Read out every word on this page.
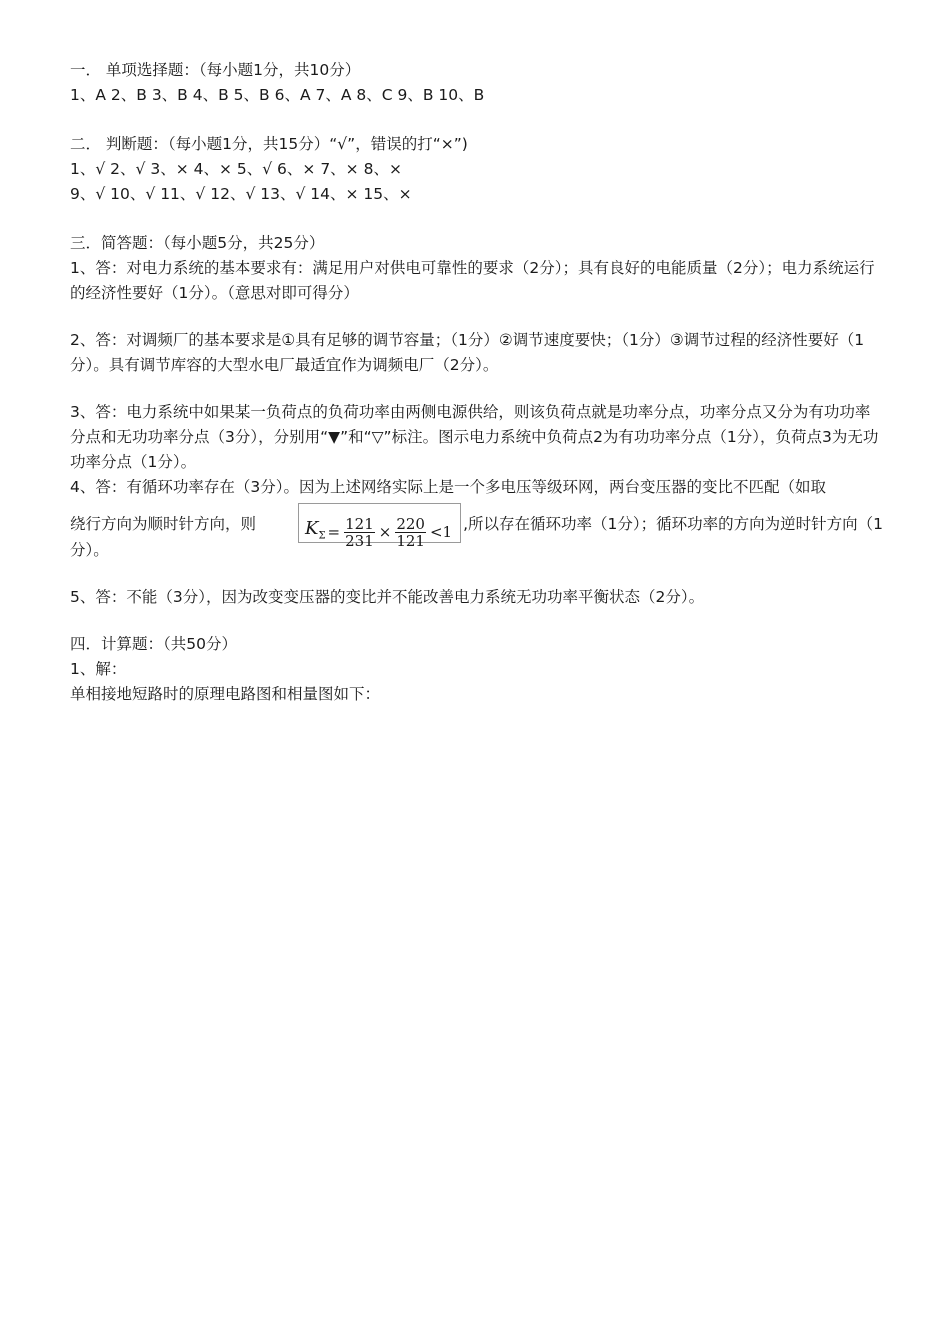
一． 单项选择题：（每小题1分，共10分）
1、A 2、B 3、B 4、B 5、B 6、A 7、A 8、C 9、B 10、B
二． 判断题：（每小题1分，共15分）“√”，错误的打“×”)
1、√ 2、√ 3、× 4、× 5、√ 6、× 7、× 8、×
9、√ 10、√ 11、√ 12、√ 13、√ 14、× 15、×
三．简答题：（每小题5分，共25分）
1、答：对电力系统的基本要求有：满足用户对供电可靠性的要求（2分）；具有良好的电能质量（2分）；电力系统运行的经济性要好（1分）。（意思对即可得分）
2、答：对调频厂的基本要求是①具有足够的调节容量；（1分）②调节速度要快；（1分）③调节过程的经济性要好（1分）。具有调节库容的大型水电厂最适宜作为调频电厂（2分）。
3、答：电力系统中如果某一负荷点的负荷功率由两侧电源供给，则该负荷点就是功率分点，功率分点又分为有功功率分点和无功功率分点（3分），分别用“▼”和“▽”标注。图示电力系统中负荷点2为有功功率分点（1分），负荷点3为无功功率分点（1分）。
4、答：有循环功率存在（3分）。因为上述网络实际上是一个多电压等级环网，两台变压器的变比不匹配（如取
绕行方向为顺时针方向，则	$K_\Sigma = \frac{121}{231} \times \frac{220}{121} <1$ ,所以存在循环功率（1分）；循环功率的方向为逆时针方向（1
分）。
5、答：不能（3分），因为改变变压器的变比并不能改善电力系统无功功率平衡状态（2分）。
四．计算题：（共50分）
1、解：
单相接地短路时的原理电路图和相量图如下：
